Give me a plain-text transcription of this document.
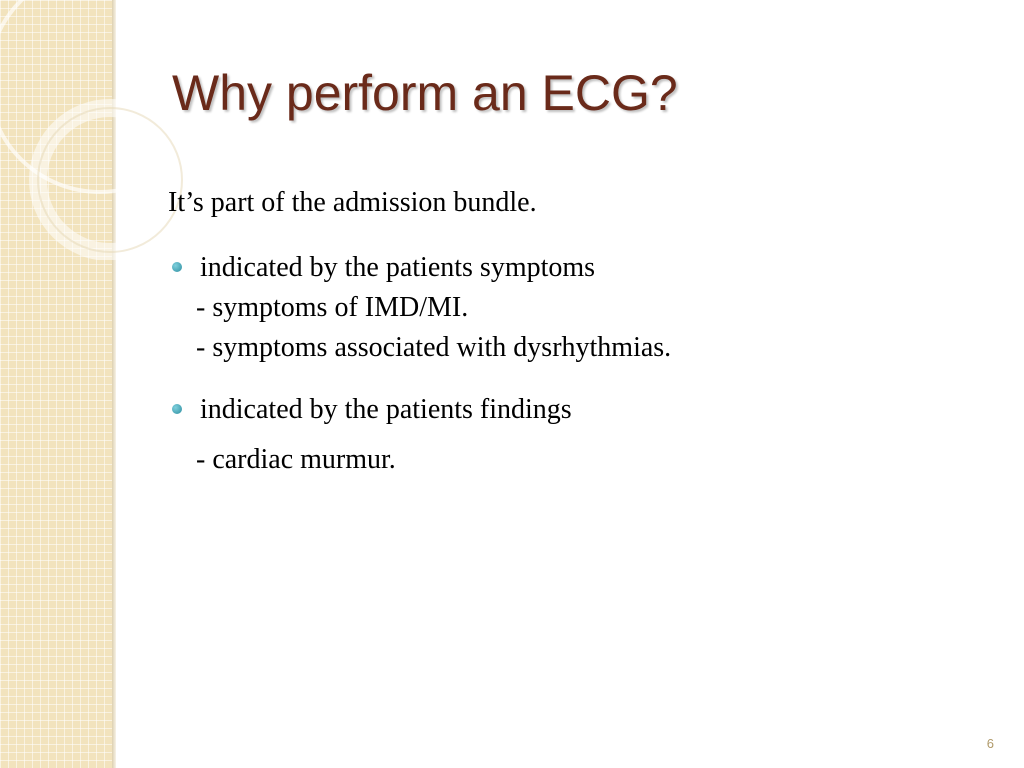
Why perform an ECG?

It’s part of the admission bundle.

indicated by the patients symptoms
- symptoms of IMD/MI.
- symptoms associated with dysrhythmias.
indicated by the patients findings
- cardiac murmur.
6
